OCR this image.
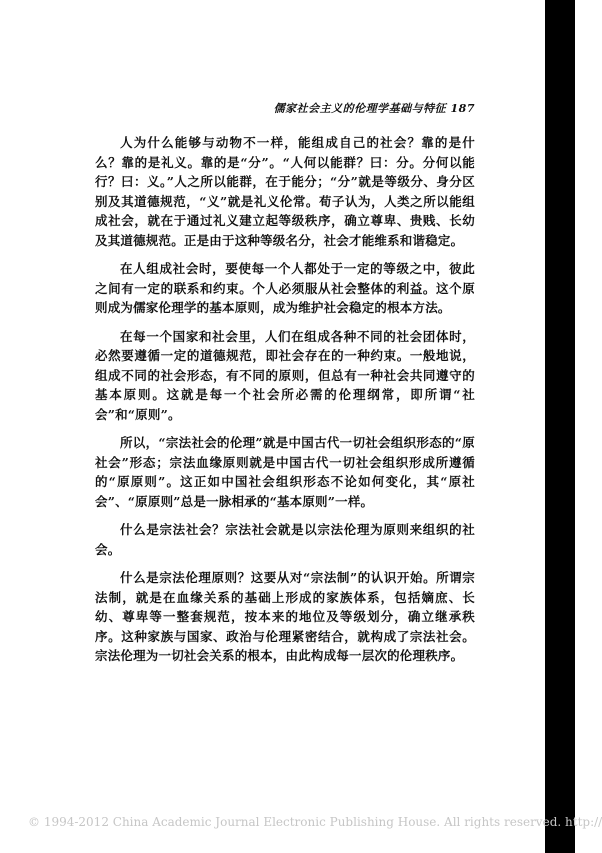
儒家社会主义的伦理学基础与特征 187

人为什么能够与动物不一样，能组成自己的社会？靠的是什么？靠的是礼义。靠的是“分”。“人何以能群？曰：分。分何以能行？曰：义。”人之所以能群，在于能分；“分”就是等级分、身分区别及其道德规范，“义”就是礼义伦常。荀子认为，人类之所以能组成社会，就在于通过礼义建立起等级秩序，确立尊卑、贵贱、长幼及其道德规范。正是由于这种等级名分，社会才能维系和谐稳定。

在人组成社会时，要使每一个人都处于一定的等级之中，彼此之间有一定的联系和约束。个人必须服从社会整体的利益。这个原则成为儒家伦理学的基本原则，成为维护社会稳定的根本方法。

在每一个国家和社会里，人们在组成各种不同的社会团体时，必然要遵循一定的道德规范，即社会存在的一种约束。一般地说，组成不同的社会形态，有不同的原则，但总有一种社会共同遵守的基本原则。这就是每一个社会所必需的伦理纲常，即所谓“社会”和“原则”。

所以，“宗法社会的伦理”就是中国古代一切社会组织形态的“原社会”形态；宗法血缘原则就是中国古代一切社会组织形成所遵循的“原原则”。这正如中国社会组织形态不论如何变化，其“原社会”、“原原则”总是一脉相承的“基本原则”一样。

什么是宗法社会？宗法社会就是以宗法伦理为原则来组织的社会。

什么是宗法伦理原则？这要从对“宗法制”的认识开始。所谓宗法制，就是在血缘关系的基础上形成的家族体系，包括嫡庶、长幼、尊卑等一整套规范，按本来的地位及等级划分，确立继承秩序。这种家族与国家、政治与伦理紧密结合，就构成了宗法社会。宗法伦理为一切社会关系的根本，由此构成每一层次的伦理秩序。

© 1994-2012 China Academic Journal Electronic Publishing House. All rights reserved. http://
